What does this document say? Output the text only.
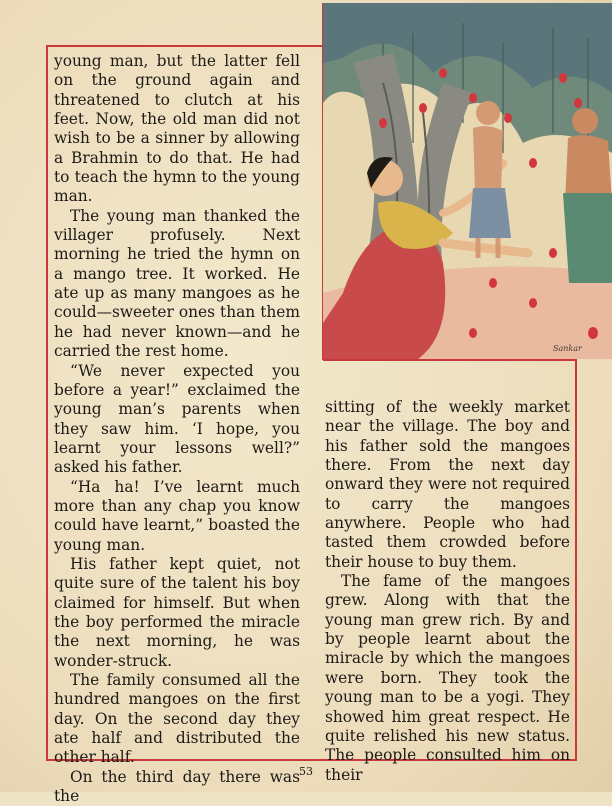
Sankar

young man, but the latter fell on the ground again and threatened to clutch at his feet. Now, the old man did not wish to be a sinner by allowing a Brahmin to do that. He had to teach the hymn to the young man.

The young man thanked the villager profusely. Next morning he tried the hymn on a mango tree. It worked. He ate up as many mangoes as he could—sweeter ones than them he had never known—and he carried the rest home.

“We never expected you before a year!” exclaimed the young man’s parents when they saw him. ‘I hope, you learnt your lessons well?” asked his father.

“Ha ha! I’ve learnt much more than any chap you know could have learnt,” boasted the young man.

His father kept quiet, not quite sure of the talent his boy claimed for himself. But when the boy performed the miracle the next morning, he was wonder-struck.

The family consumed all the hundred mangoes on the first day. On the second day they ate half and distributed the other half.

On the third day there was the

sitting of the weekly market near the village. The boy and his father sold the mangoes there. From the next day onward they were not required to carry the mangoes anywhere. People who had tasted them crowded before their house to buy them.

The fame of the mangoes grew. Along with that the young man grew rich. By and by people learnt about the miracle by which the mangoes were born. They took the young man to be a yogi. They showed him great respect. He quite relished his new status. The people consulted him on their

53
